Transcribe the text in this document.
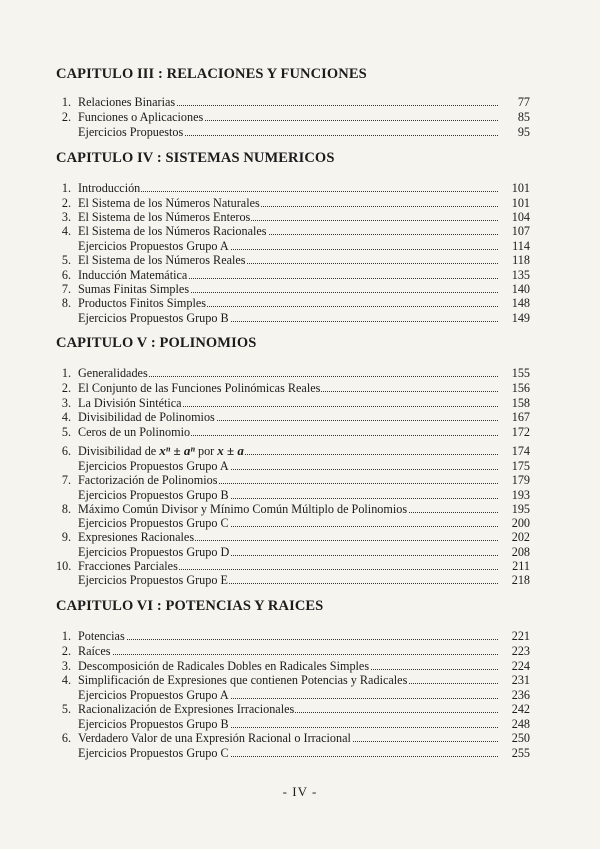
CAPITULO III : RELACIONES Y FUNCIONES
1. Relaciones Binarias	77
2. Funciones o Aplicaciones	85
Ejercicios Propuestos	95
CAPITULO IV : SISTEMAS NUMERICOS
1. Introducción	101
2. El Sistema de los Números Naturales	101
3. El Sistema de los Números Enteros	104
4. El Sistema de los Números Racionales	107
Ejercicios Propuestos Grupo A	114
5. El Sistema de los Números Reales	118
6. Inducción Matemática	135
7. Sumas Finitas Simples	140
8. Productos Finitos Simples	148
Ejercicios Propuestos Grupo B	149
CAPITULO V : POLINOMIOS
1. Generalidades	155
2. El Conjunto de las Funciones Polinómicas Reales	156
3. La División Sintética	158
4. Divisibilidad de Polinomios	167
5. Ceros de un Polinomio	172
6. Divisibilidad de xⁿ ± aⁿ por x ± a	174
Ejercicios Propuestos Grupo A	175
7. Factorización de Polinomios	179
Ejercicios Propuestos Grupo B	193
8. Máximo Común Divisor y Mínimo Común Múltiplo de Polinomios	195
Ejercicios Propuestos Grupo C	200
9. Expresiones Racionales	202
Ejercicios Propuestos Grupo D	208
10. Fracciones Parciales	211
Ejercicios Propuestos Grupo E	218
CAPITULO VI : POTENCIAS Y RAICES
1. Potencias	221
2. Raíces	223
3. Descomposición de Radicales Dobles en Radicales Simples	224
4. Simplificación de Expresiones que contienen Potencias y Radicales	231
Ejercicios Propuestos Grupo A	236
5. Racionalización de Expresiones Irracionales	242
Ejercicios Propuestos Grupo B	248
6. Verdadero Valor de una Expresión Racional o Irracional	250
Ejercicios Propuestos Grupo C	255
- IV -
